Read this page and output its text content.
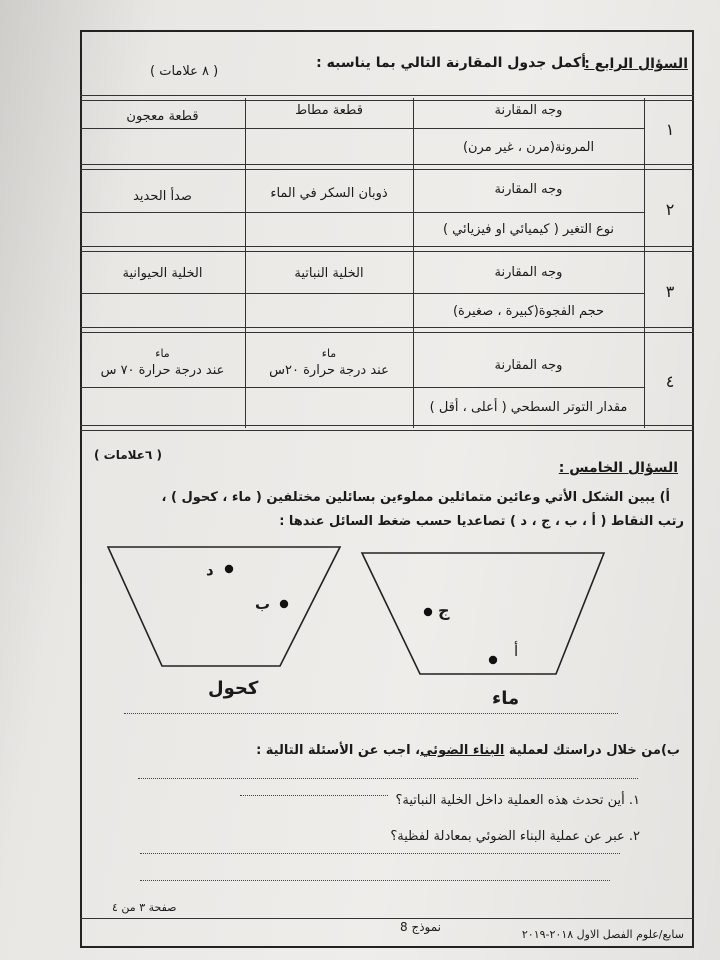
السؤال الرابع :
أكمل جدول المقارنة التالي بما يناسبه :
( ٨ علامات )
١
وجه المقارنة
قطعة مطاط
قطعة معجون
المرونة(مرن ، غير مرن)
٢
وجه المقارنة
ذوبان السكر في الماء
صدأ الحديد
نوع التغير ( كيميائي او فيزيائي )
٣
وجه المقارنة
الخلية النباتية
الخلية الحيوانية
حجم الفجوة(كبيرة ، صغيرة)
٤
وجه المقارنة
ماء
عند درجة حرارة ٢٠س
ماء
عند درجة حرارة ٧٠ س
مقدار التوتر السطحي ( أعلى ، أقل )
( ٦علامات )
السؤال الخامس :
أ) يبين الشكل الأتي وعائين متماثلين مملوءين بسائلين مختلفين ( ماء ، كحول ) ،
رتب النقاط ( أ ، ب ، ج ، د ) تصاعديا حسب ضغط السائل عندها :
د
ب	ج
أ
كحول	ماء
ب)من خلال دراستك لعملية البناء الضوئي، اجب عن الأسئلة التالية :
١. أين تحدث هذه العملية داخل الخلية النباتية؟
٢. عبر عن عملية البناء الضوئي بمعادلة لفظية؟
صفحة ٣ من ٤
نموذج 8
سابع/علوم الفصل الاول ٢٠١٨-٢٠١٩
